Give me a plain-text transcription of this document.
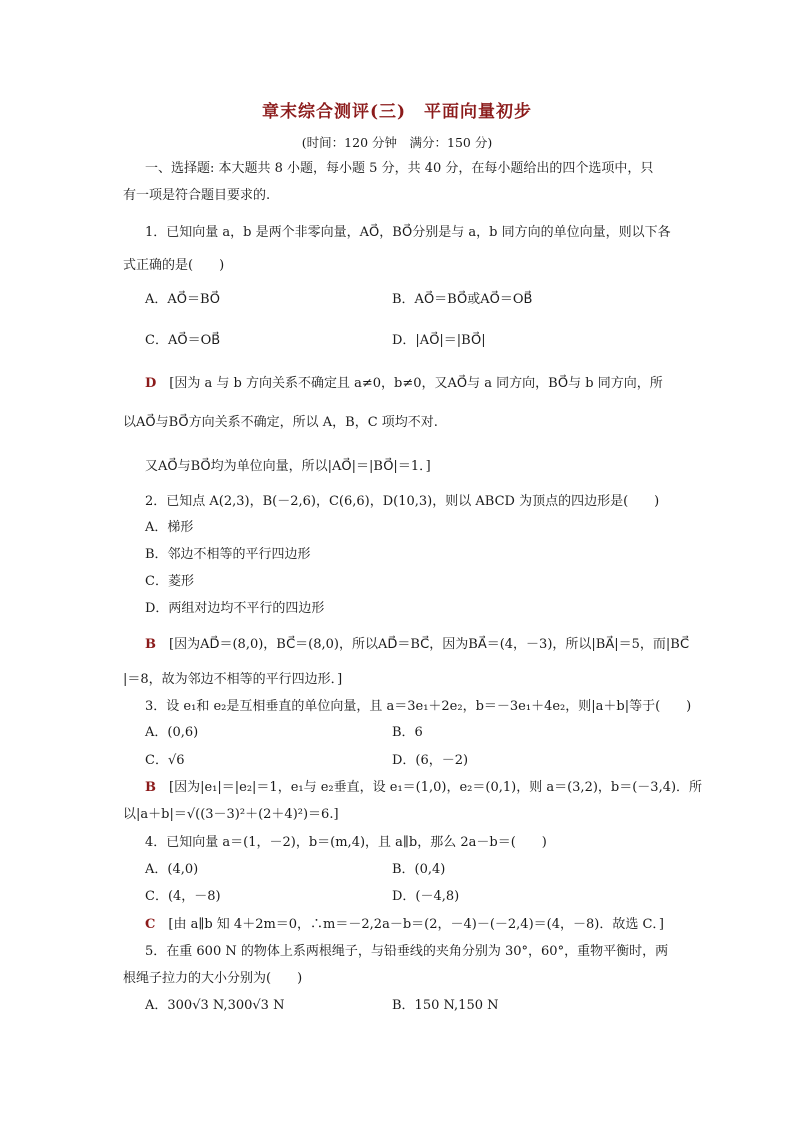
章末综合测评(三)　平面向量初步
(时间：120 分钟　满分：150 分)
一、选择题: 本大题共 8 小题，每小题 5 分，共 40 分，在每小题给出的四个选项中，只
有一项是符合题目要求的.
1．已知向量 a，b 是两个非零向量，AO⃗，BO⃗分别是与 a，b 同方向的单位向量，则以下各
式正确的是(　　)
A．AO⃗＝BO⃗	B．AO⃗＝BO⃗或AO⃗＝OB⃗
C．AO⃗＝OB⃗	D．|AO⃗|＝|BO⃗|
D　 [因为 a 与 b 方向关系不确定且 a≠0，b≠0，又AO⃗与 a 同方向，BO⃗与 b 同方向，所
以AO⃗与BO⃗方向关系不确定，所以 A，B，C 项均不对.
又AO⃗与BO⃗均为单位向量，所以|AO⃗|＝|BO⃗|＝1．]
2．已知点 A(2,3)，B(－2,6)，C(6,6)，D(10,3)，则以 ABCD 为顶点的四边形是(　　)
A．梯形
B．邻边不相等的平行四边形
C．菱形
D．两组对边均不平行的四边形
B　 [因为AD⃗＝(8,0)，BC⃗＝(8,0)，所以AD⃗＝BC⃗，因为BA⃗＝(4，－3)，所以|BA⃗|＝5，而|BC⃗
|＝8，故为邻边不相等的平行四边形．]
3．设 e₁和 e₂是互相垂直的单位向量，且 a＝3e₁＋2e₂，b＝－3e₁＋4e₂，则|a＋b|等于(　　)
A．(0,6)	B．6
C．√6	D．(6，－2)
B　 [因为|e₁|＝|e₂|＝1，e₁与 e₂垂直，设 e₁＝(1,0)，e₂＝(0,1)，则 a＝(3,2)，b＝(－3,4)．所
以|a＋b|＝√((3－3)²＋(2＋4)²)＝6.]
4．已知向量 a＝(1，－2)，b＝(m,4)，且 a∥b，那么 2a－b＝(　　)
A．(4,0)	B．(0,4)
C．(4，－8)	D．(－4,8)
C　 [由 a∥b 知 4＋2m＝0，∴m＝－2,2a－b＝(2，－4)－(－2,4)＝(4，－8)．故选 C．]
5．在重 600 N 的物体上系两根绳子，与铅垂线的夹角分别为 30°，60°，重物平衡时，两
根绳子拉力的大小分别为(　　)
A．300√3 N,300√3 N	B．150 N,150 N
